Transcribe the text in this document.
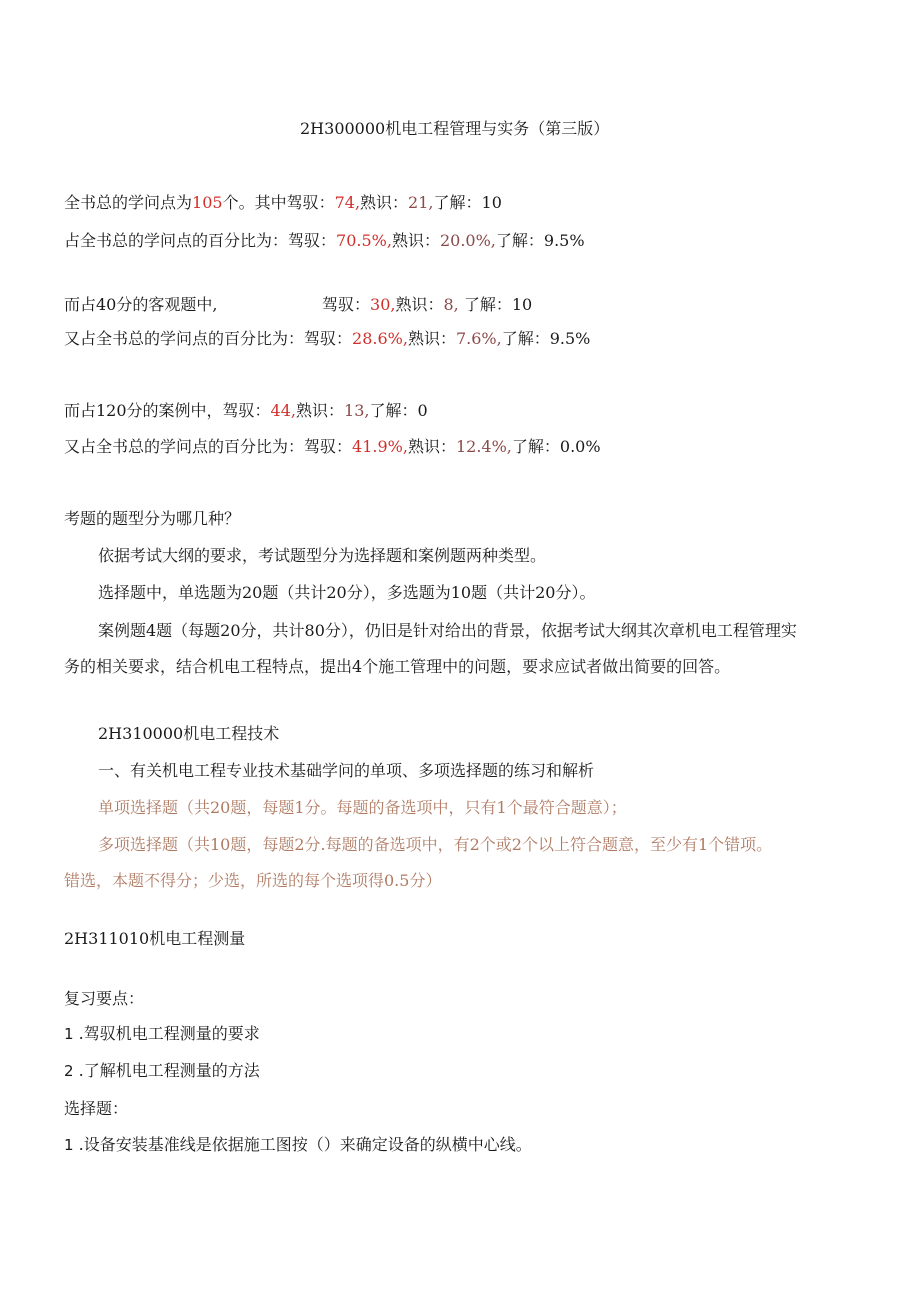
2H300000机电工程管理与实务（第三版）
全书总的学问点为105个。其中驾驭：74,熟识：21,了解：10
占全书总的学问点的百分比为：驾驭：70.5%,熟识：20.0%,了解：9.5%
而占40分的客观题中,	驾驭：30,熟识：8, 了解：10
又占全书总的学问点的百分比为：驾驭：28.6%,熟识：7.6%,了解：9.5%
而占120分的案例中，驾驭：44,熟识：13,了解：0
又占全书总的学问点的百分比为：驾驭：41.9%,熟识：12.4%,了解：0.0%
考题的题型分为哪几种？
依据考试大纲的要求，考试题型分为选择题和案例题两种类型。
选择题中，单选题为20题（共计20分），多选题为10题（共计20分）。
案例题4题（每题20分，共计80分），仍旧是针对给出的背景，依据考试大纲其次章机电工程管理实
务的相关要求，结合机电工程特点，提出4个施工管理中的问题，要求应试者做出简要的回答。
2H310000机电工程技术
一、有关机电工程专业技术基础学问的单项、多项选择题的练习和解析
单项选择题（共20题，每题1分。每题的备选项中，只有1个最符合题意）；
多项选择题（共10题，每题2分.每题的备选项中，有2个或2个以上符合题意，至少有1个错项。
错选，本题不得分；少选，所选的每个选项得0.5分）
2H311010机电工程测量
复习要点：
1 .驾驭机电工程测量的要求
2 .了解机电工程测量的方法
选择题：
1 .设备安装基准线是依据施工图按（）来确定设备的纵横中心线。
